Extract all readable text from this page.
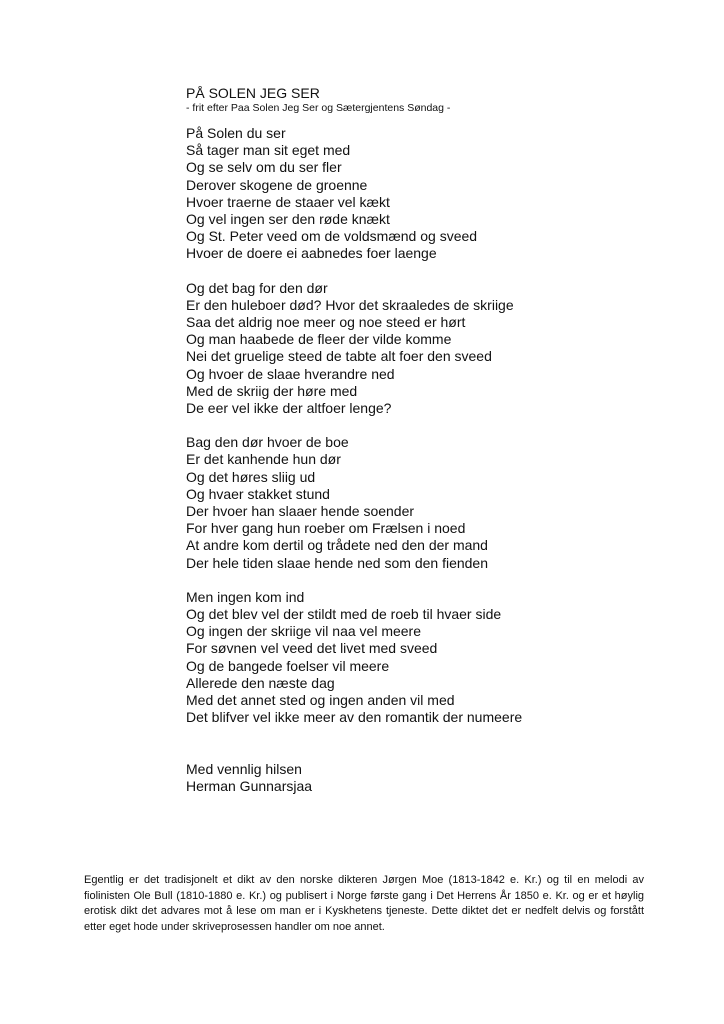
PÅ SOLEN JEG SER
- frit efter Paa Solen Jeg Ser og Sætergjentens Søndag -
På Solen du ser
Så tager man sit eget med
Og se selv om du ser fler
Derover skogene de groenne
Hvoer traerne de staaer vel kækt
Og vel ingen ser den røde knækt
Og St. Peter veed om de voldsmænd og sveed
Hvoer de doere ei aabnedes foer laenge
Og det bag for den dør
Er den huleboer død? Hvor det skraaledes de skriige
Saa det aldrig noe meer og noe steed er hørt
Og man haabede de fleer der vilde komme
Nei det gruelige steed de tabte alt foer den sveed
Og hvoer de slaae hverandre ned
Med de skriig der høre med
De eer vel ikke der altfoer lenge?
Bag den dør hvoer de boe
Er det kanhende hun dør
Og det høres sliig ud
Og hvaer stakket stund
Der hvoer han slaaer hende soender
For hver gang hun roeber om Frælsen i noed
At andre kom dertil og trådete ned den der mand
Der hele tiden slaae hende ned som den fienden
Men ingen kom ind
Og det blev vel der stildt med de roeb til hvaer side
Og ingen der skriige vil naa vel meere
For søvnen vel veed det livet med sveed
Og de bangede foelser vil meere
Allerede den næste dag
Med det annet sted og ingen anden vil med
Det blifver vel ikke meer av den romantik der numeere
Med vennlig hilsen
Herman Gunnarsjaa
Egentlig er det tradisjonelt et dikt av den norske dikteren Jørgen Moe (1813-1842 e. Kr.) og til en melodi av fiolinisten Ole Bull (1810-1880 e. Kr.) og publisert i Norge første gang i Det Herrens År 1850 e. Kr. og er et høylig erotisk dikt det advares mot å lese om man er i Kyskhetens tjeneste. Dette diktet det er nedfelt delvis og forstått etter eget hode under skriveprosessen handler om noe annet.
